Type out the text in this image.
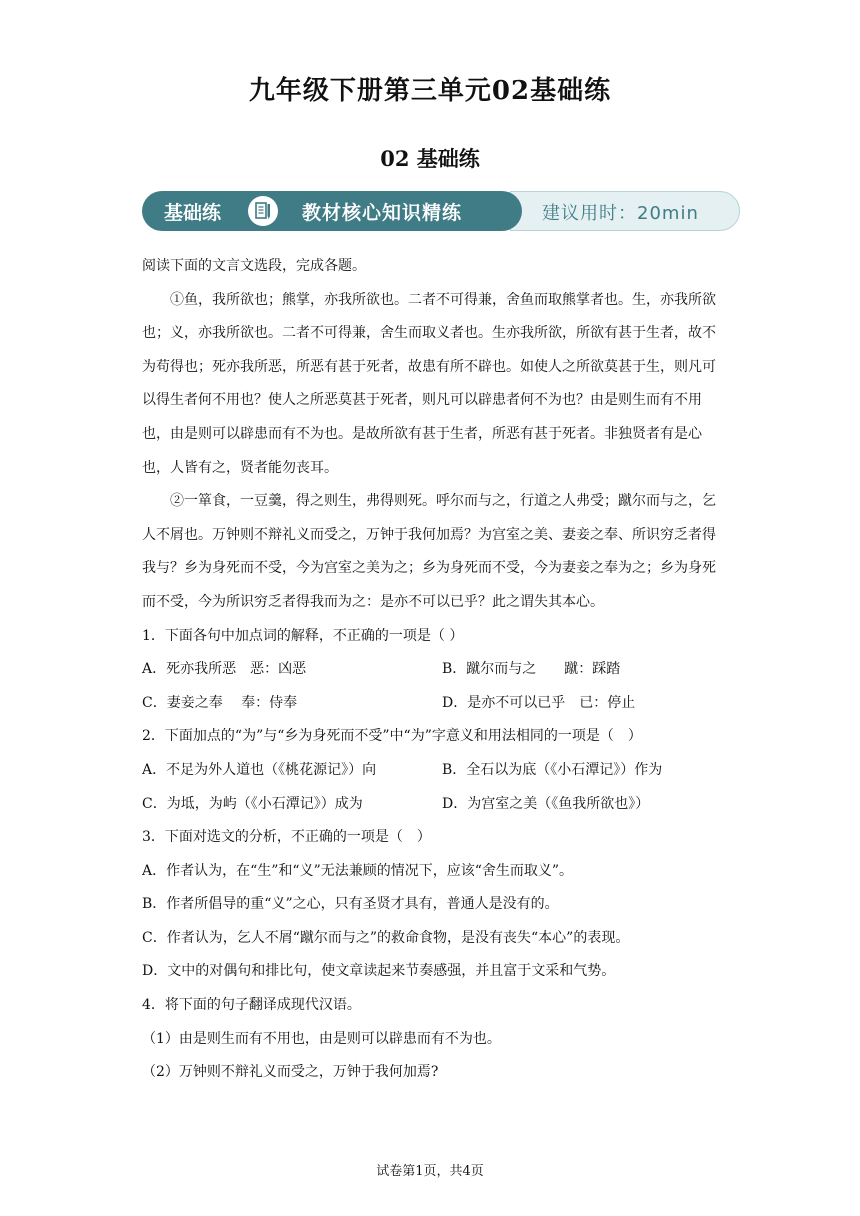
九年级下册第三单元02基础练
02 基础练
基础练	教材核心知识精练	建议用时：20min

阅读下面的文言文选段，完成各题。

①鱼，我所欲也；熊掌，亦我所欲也。二者不可得兼，舍鱼而取熊掌者也。生，亦我所欲也；义，亦我所欲也。二者不可得兼，舍生而取义者也。生亦我所欲，所欲有甚于生者，故不为苟得也；死亦我所恶，所恶有甚于死者，故患有所不辟也。如使人之所欲莫甚于生，则凡可以得生者何不用也？使人之所恶莫甚于死者，则凡可以辟患者何不为也？由是则生而有不用也，由是则可以辟患而有不为也。是故所欲有甚于生者，所恶有甚于死者。非独贤者有是心也，人皆有之，贤者能勿丧耳。

②一箪食，一豆羹，得之则生，弗得则死。呼尔而与之，行道之人弗受；蹴尔而与之，乞人不屑也。万钟则不辩礼义而受之，万钟于我何加焉？为宫室之美、妻妾之奉、所识穷乏者得我与？乡为身死而不受，今为宫室之美为之；乡为身死而不受，今为妻妾之奉为之；乡为身死而不受，今为所识穷乏者得我而为之：是亦不可以已乎？此之谓失其本心。

1．下面各句中加点词的解释，不正确的一项是（ ）

A．死亦我所恶　恶：凶恶	B．蹴尔而与之　　蹴：踩踏
C．妻妾之奉　 奉：侍奉	D．是亦不可以已乎　已：停止

2．下面加点的“为”与“乡为身死而不受”中“为”字意义和用法相同的一项是（　）

A．不足为外人道也（《桃花源记》）向	B．全石以为底（《小石潭记》）作为
C．为坻，为屿（《小石潭记》）成为	D．为宫室之美（《鱼我所欲也》）

3．下面对选文的分析，不正确的一项是（　）

A．作者认为，在“生”和“义”无法兼顾的情况下，应该“舍生而取义”。

B．作者所倡导的重“义”之心，只有圣贤才具有，普通人是没有的。

C．作者认为，乞人不屑“蹴尔而与之”的救命食物，是没有丧失“本心”的表现。

D．文中的对偶句和排比句，使文章读起来节奏感强，并且富于文采和气势。

4．将下面的句子翻译成现代汉语。

（1）由是则生而有不用也，由是则可以辟患而有不为也。

（2）万钟则不辩礼义而受之，万钟于我何加焉?

试卷第1页，共4页
